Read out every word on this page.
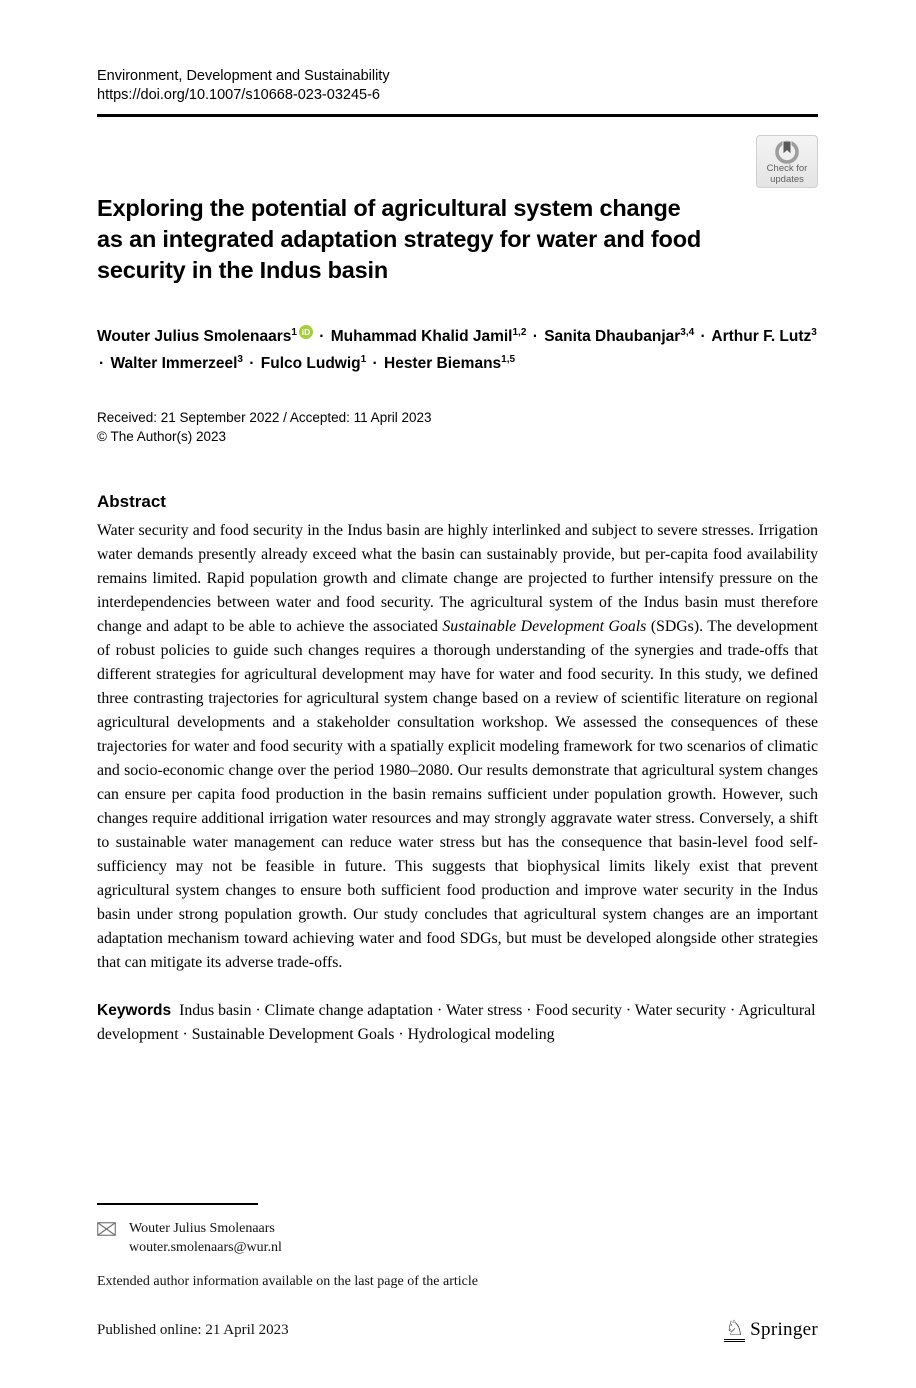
Environment, Development and Sustainability
https://doi.org/10.1007/s10668-023-03245-6
Check for
updates
Exploring the potential of agricultural system change
as an integrated adaptation strategy for water and food
security in the Indus basin
Wouter Julius Smolenaars$^1$ iD · Muhammad Khalid Jamil$^{1,2}$ · Sanita Dhaubanjar$^{3,4}$ · Arthur F. Lutz$^3$ · Walter Immerzeel$^3$ · Fulco Ludwig$^1$ · Hester Biemans$^{1,5}$
Received: 21 September 2022 / Accepted: 11 April 2023
© The Author(s) 2023
Abstract

Water security and food security in the Indus basin are highly interlinked and subject to severe stresses. Irrigation water demands presently already exceed what the basin can sustainably provide, but per-capita food availability remains limited. Rapid population growth and climate change are projected to further intensify pressure on the interdependencies between water and food security. The agricultural system of the Indus basin must therefore change and adapt to be able to achieve the associated Sustainable Development Goals (SDGs). The development of robust policies to guide such changes requires a thorough understanding of the synergies and trade-offs that different strategies for agricultural development may have for water and food security. In this study, we defined three contrasting trajectories for agricultural system change based on a review of scientific literature on regional agricultural developments and a stakeholder consultation workshop. We assessed the consequences of these trajectories for water and food security with a spatially explicit modeling framework for two scenarios of climatic and socio-economic change over the period 1980–2080. Our results demonstrate that agricultural system changes can ensure per capita food production in the basin remains sufficient under population growth. However, such changes require additional irrigation water resources and may strongly aggravate water stress. Conversely, a shift to sustainable water management can reduce water stress but has the consequence that basin-level food self-sufficiency may not be feasible in future. This suggests that biophysical limits likely exist that prevent agricultural system changes to ensure both sufficient food production and improve water security in the Indus basin under strong population growth. Our study concludes that agricultural system changes are an important adaptation mechanism toward achieving water and food SDGs, but must be developed alongside other strategies that can mitigate its adverse trade-offs.

Keywords Indus basin · Climate change adaptation · Water stress · Food security · Water security · Agricultural development · Sustainable Development Goals · Hydrological modeling
Wouter Julius Smolenaars
wouter.smolenaars@wur.nl
Extended author information available on the last page of the article
Published online: 21 April 2023	♘ Springer
